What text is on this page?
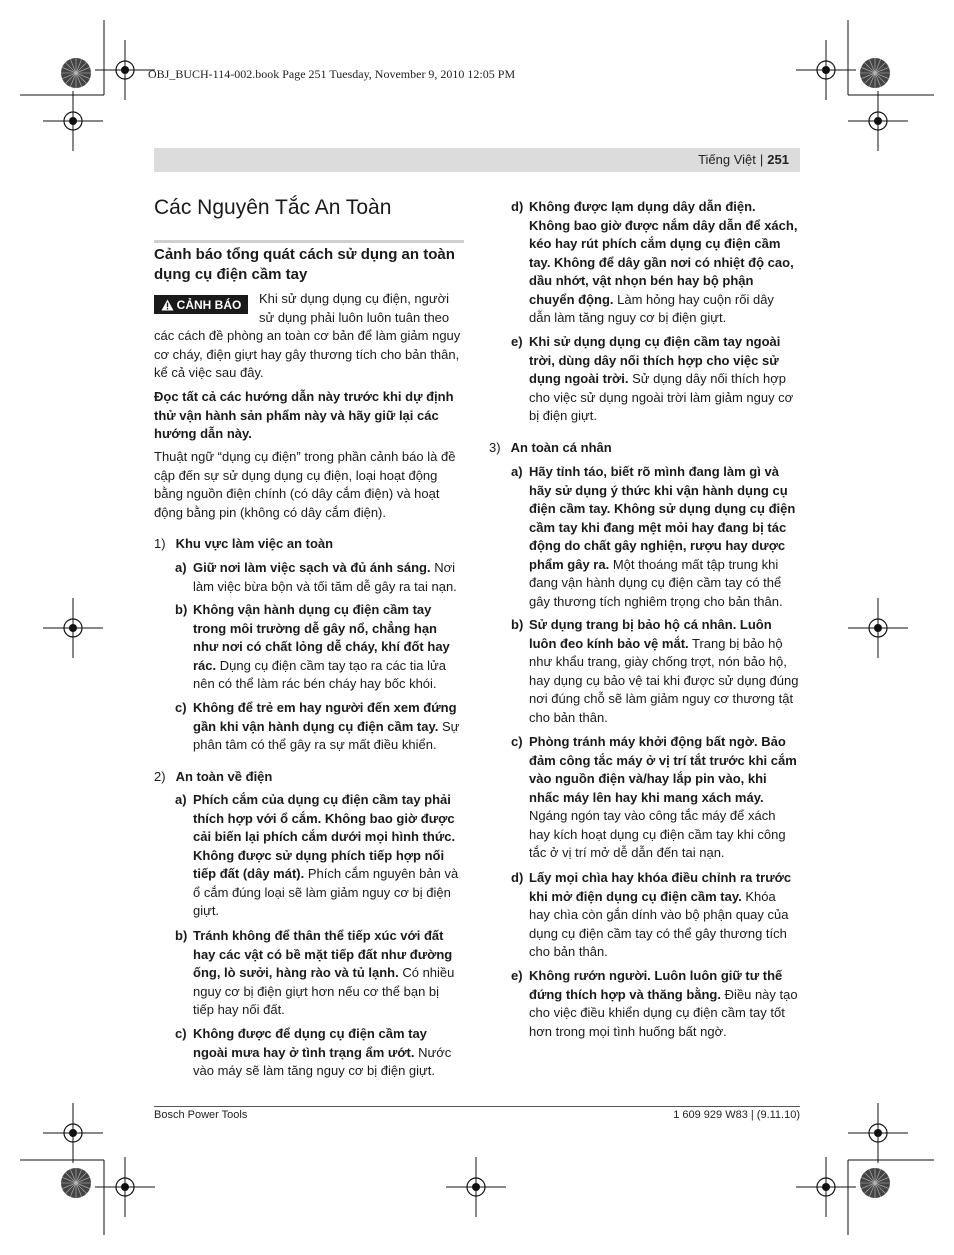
OBJ_BUCH-114-002.book Page 251 Tuesday, November 9, 2010 12:05 PM
Tiếng Việt | 251
Các Nguyên Tắc An Toàn
Cảnh báo tổng quát cách sử dụng an toàn dụng cụ điện cầm tay
CẢNH BÁO Khi sử dụng dụng cụ điện, người sử dụng phải luôn luôn tuân theo

các cách đề phòng an toàn cơ bản để làm giảm nguy cơ cháy, điện giựt hay gây thương tích cho bản thân, kể cả việc sau đây.

Đọc tất cả các hướng dẫn này trước khi dự định thử vận hành sản phẩm này và hãy giữ lại các hướng dẫn này.

Thuật ngữ “dụng cụ điện” trong phần cảnh báo là đề cập đến sự sử dụng dụng cụ điện, loại hoạt động bằng nguồn điện chính (có dây cắm điện) và hoạt động bằng pin (không có dây cắm điện).

1) Khu vực làm việc an toàn
a) Giữ nơi làm việc sạch và đủ ánh sáng. Nơi làm việc bừa bộn và tối tăm dễ gây ra tai nạn.
b) Không vận hành dụng cụ điện cầm tay trong môi trường dễ gây nổ, chẳng hạn như nơi có chất lỏng dễ cháy, khí đốt hay rác. Dụng cụ điện cầm tay tạo ra các tia lửa nên có thể làm rác bén cháy hay bốc khói.
c) Không để trẻ em hay người đến xem đứng gần khi vận hành dụng cụ điện cầm tay. Sự phân tâm có thể gây ra sự mất điều khiển.
2) An toàn về điện
a) Phích cắm của dụng cụ điện cầm tay phải thích hợp với ổ cắm. Không bao giờ được cải biến lại phích cắm dưới mọi hình thức. Không được sử dụng phích tiếp hợp nối tiếp đất (dây mát). Phích cắm nguyên bản và ổ cắm đúng loại sẽ làm giảm nguy cơ bị điện giựt.
b) Tránh không để thân thể tiếp xúc với đất hay các vật có bề mặt tiếp đất như đường ống, lò sưởi, hàng rào và tủ lạnh. Có nhiều nguy cơ bị điện giựt hơn nếu cơ thể bạn bị tiếp hay nối đất.
c) Không được để dụng cụ điện cầm tay ngoài mưa hay ở tình trạng ẩm ướt. Nước vào máy sẽ làm tăng nguy cơ bị điện giựt.
d) Không được lạm dụng dây dẫn điện. Không bao giờ được nắm dây dẫn để xách, kéo hay rút phích cắm dụng cụ điện cầm tay. Không để dây gần nơi có nhiệt độ cao, dầu nhớt, vật nhọn bén hay bộ phận chuyển động. Làm hỏng hay cuộn rối dây dẫn làm tăng nguy cơ bị điện giựt.
e) Khi sử dụng dụng cụ điện cầm tay ngoài trời, dùng dây nối thích hợp cho việc sử dụng ngoài trời. Sử dụng dây nối thích hợp cho việc sử dụng ngoài trời làm giảm nguy cơ bị điện giựt.
3) An toàn cá nhân
a) Hãy tỉnh táo, biết rõ mình đang làm gì và hãy sử dụng ý thức khi vận hành dụng cụ điện cầm tay. Không sử dụng dụng cụ điện cầm tay khi đang mệt mỏi hay đang bị tác động do chất gây nghiện, rượu hay dược phẩm gây ra. Một thoáng mất tập trung khi đang vận hành dụng cụ điện cầm tay có thể gây thương tích nghiêm trọng cho bản thân.
b) Sử dụng trang bị bảo hộ cá nhân. Luôn luôn đeo kính bảo vệ mắt. Trang bị bảo hộ như khẩu trang, giày chống trợt, nón bảo hộ, hay dụng cụ bảo vệ tai khi được sử dụng đúng nơi đúng chỗ sẽ làm giảm nguy cơ thương tật cho bản thân.
c) Phòng tránh máy khởi động bất ngờ. Bảo đảm công tắc máy ở vị trí tắt trước khi cắm vào nguồn điện và/hay lắp pin vào, khi nhấc máy lên hay khi mang xách máy. Ngáng ngón tay vào công tắc máy để xách hay kích hoạt dụng cụ điện cầm tay khi công tắc ở vị trí mở dễ dẫn đến tai nạn.
d) Lấy mọi chìa hay khóa điều chỉnh ra trước khi mở điện dụng cụ điện cầm tay. Khóa hay chìa còn gắn dính vào bộ phận quay của dụng cụ điện cầm tay có thể gây thương tích cho bản thân.
e) Không rướn người. Luôn luôn giữ tư thế đứng thích hợp và thăng bằng. Điều này tạo cho việc điều khiển dụng cụ điện cầm tay tốt hơn trong mọi tình huống bất ngờ.
Bosch Power Tools	1 609 929 W83 | (9.11.10)
